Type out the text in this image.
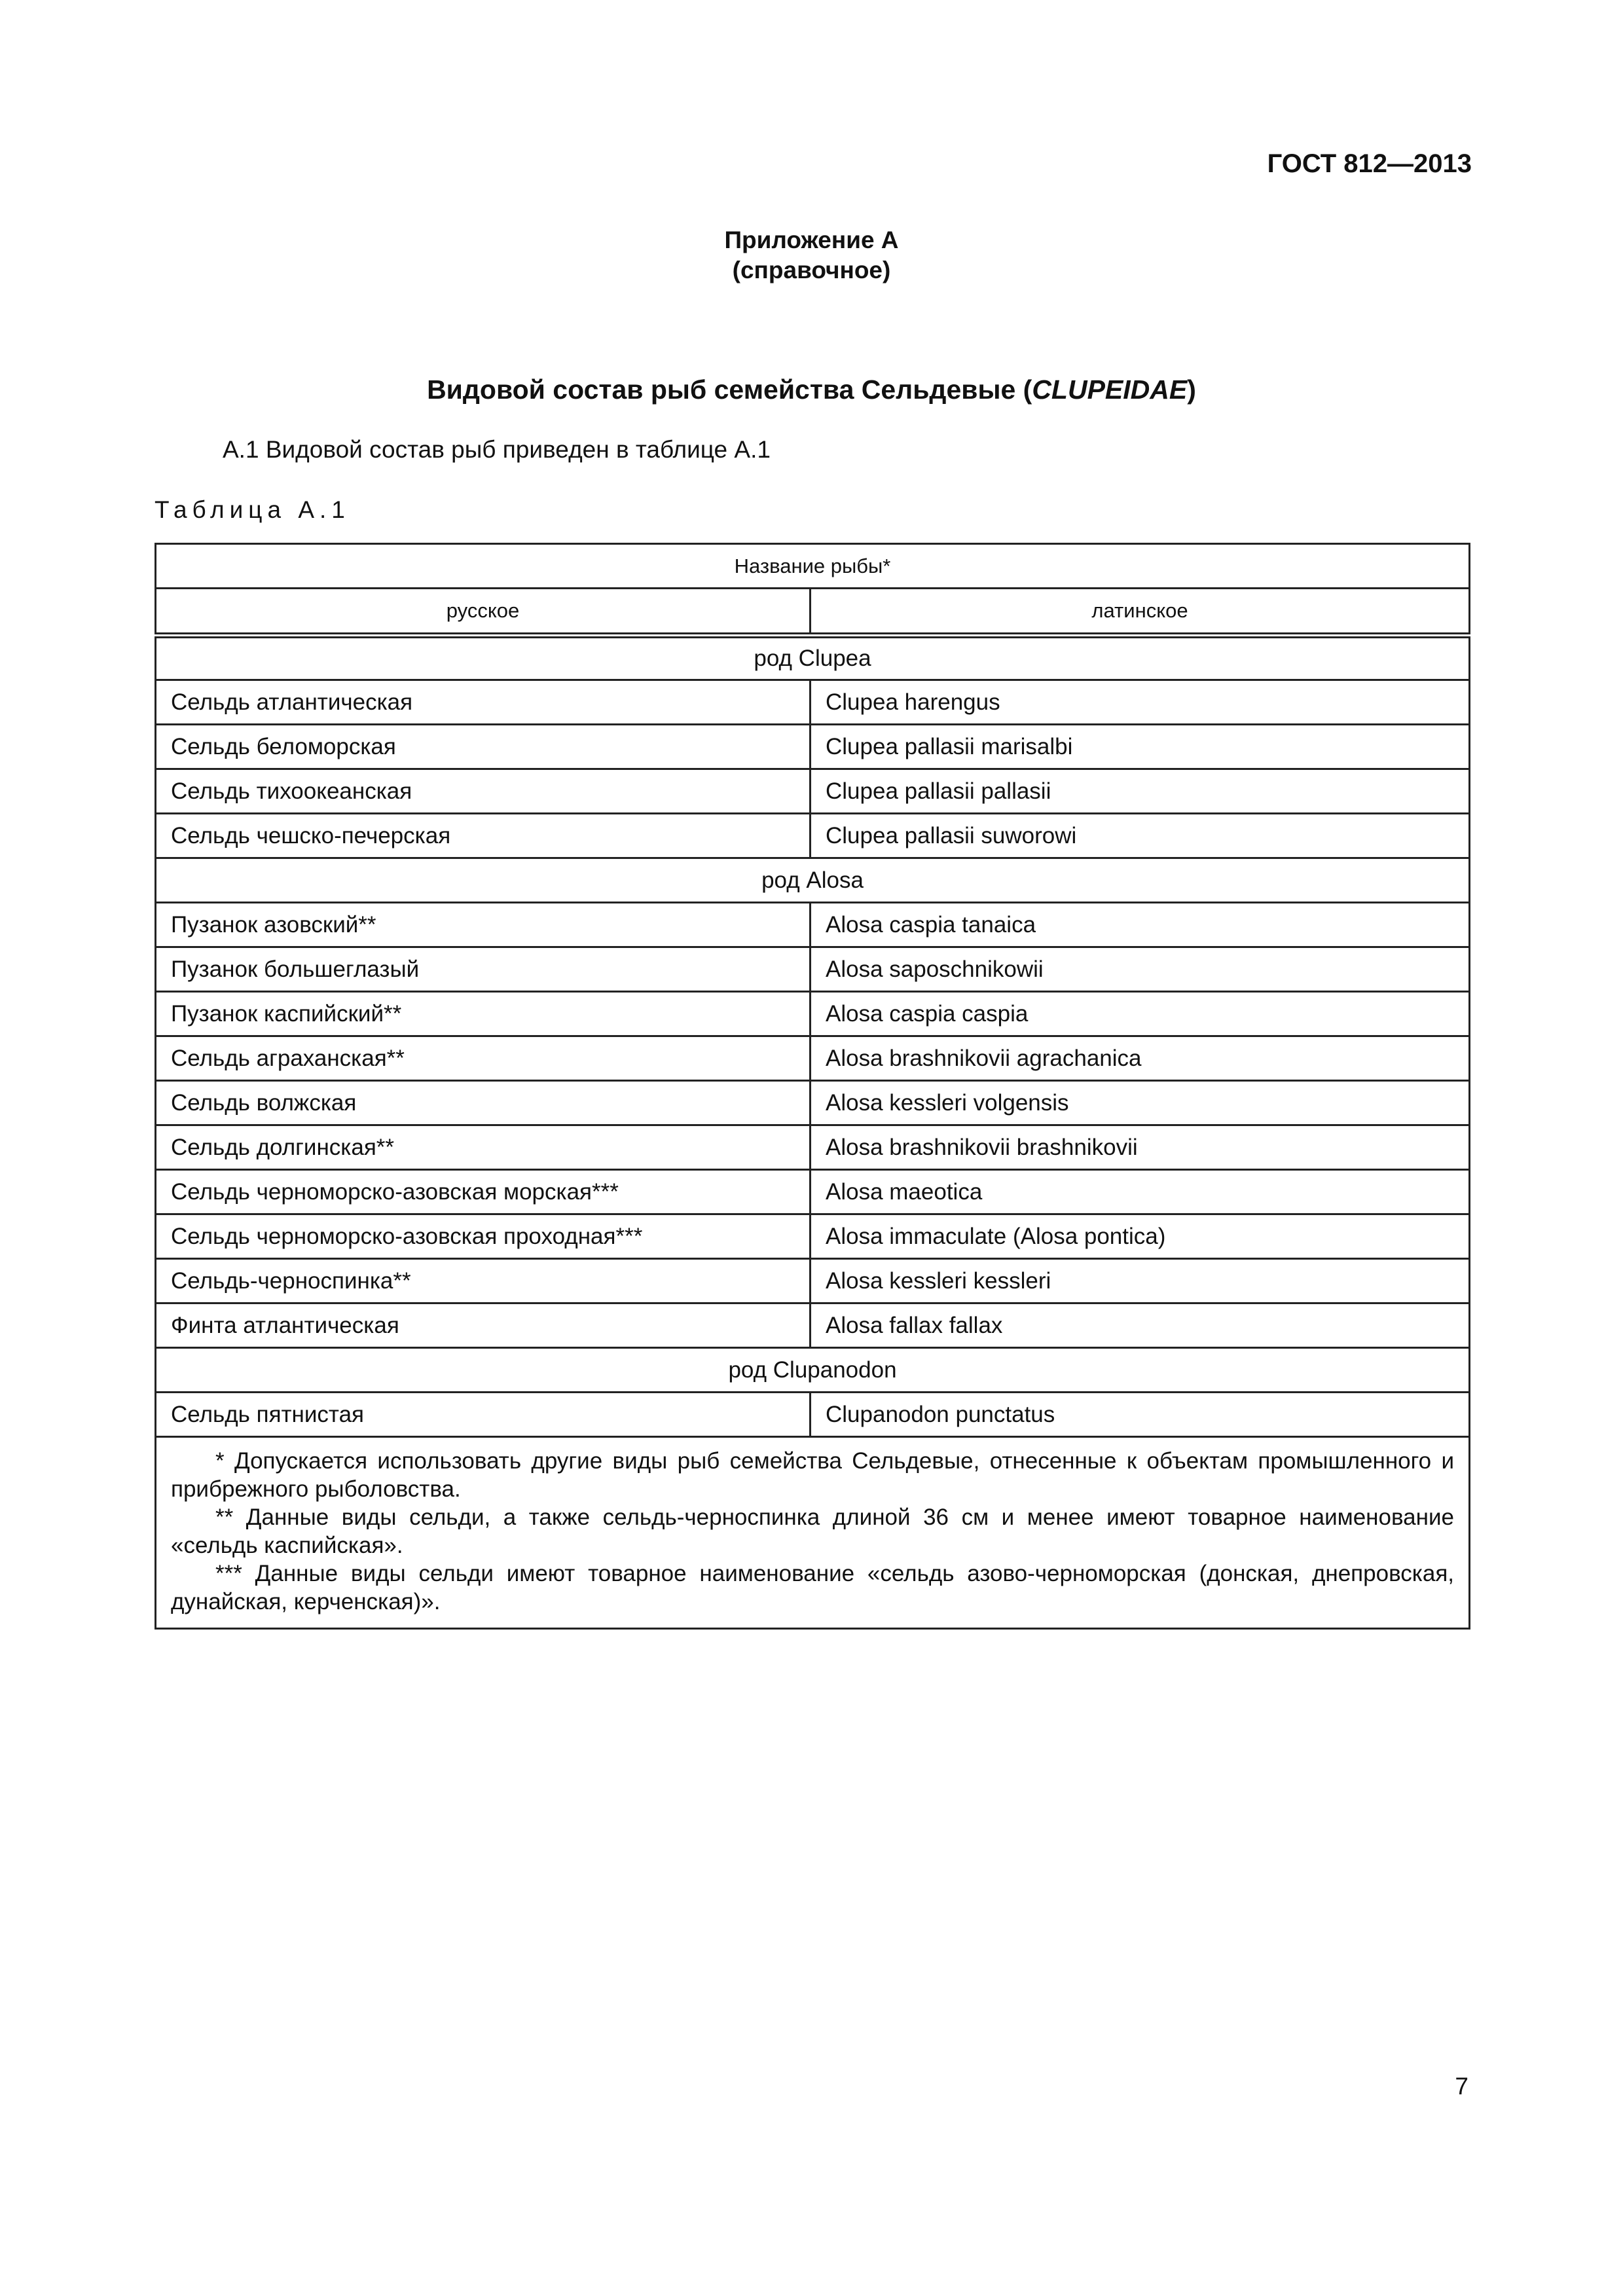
ГОСТ 812—2013
Приложение А
(справочное)
Видовой состав рыб семейства Сельдевые (CLUPEIDAE)
А.1 Видовой состав рыб приведен в таблице А.1
Таблица А.1
Название рыбы*	
русское	латинское
род Clupea	
Сельдь атлантическая	Clupea harengus
Сельдь беломорская	Clupea pallasii marisalbi
Сельдь тихоокеанская	Clupea pallasii pallasii
Сельдь чешско-печерская	Clupea pallasii suworowi
род Alosa	
Пузанок азовский**	Alosa caspia tanaica
Пузанок большеглазый	Alosa saposchnikowii
Пузанок каспийский**	Alosa caspia caspia
Сельдь аграханская**	Alosa brashnikovii agrachanica
Сельдь волжская	Alosa kessleri volgensis
Сельдь долгинская**	Alosa brashnikovii brashnikovii
Сельдь черноморско-азовская морская***	Alosa maeotica
Сельдь черноморско-азовская проходная***	Alosa immaculate (Alosa pontica)
Сельдь-черноспинка**	Alosa kessleri kessleri
Финта атлантическая	Alosa fallax fallax
род Clupanodon	
Сельдь пятнистая	Clupanodon punctatus

* Допускается использовать другие виды рыб семейства Сельдевые, отнесенные к объектам промышленного и прибрежного рыболовства.
** Данные виды сельди, а также сельдь-черноспинка длиной 36 см и менее имеют товарное наименование «сельдь каспийская».
*** Данные виды сельди имеют товарное наименование «сельдь азово-черноморская (донская, днепровская, дунайская, керченская)».	
7
